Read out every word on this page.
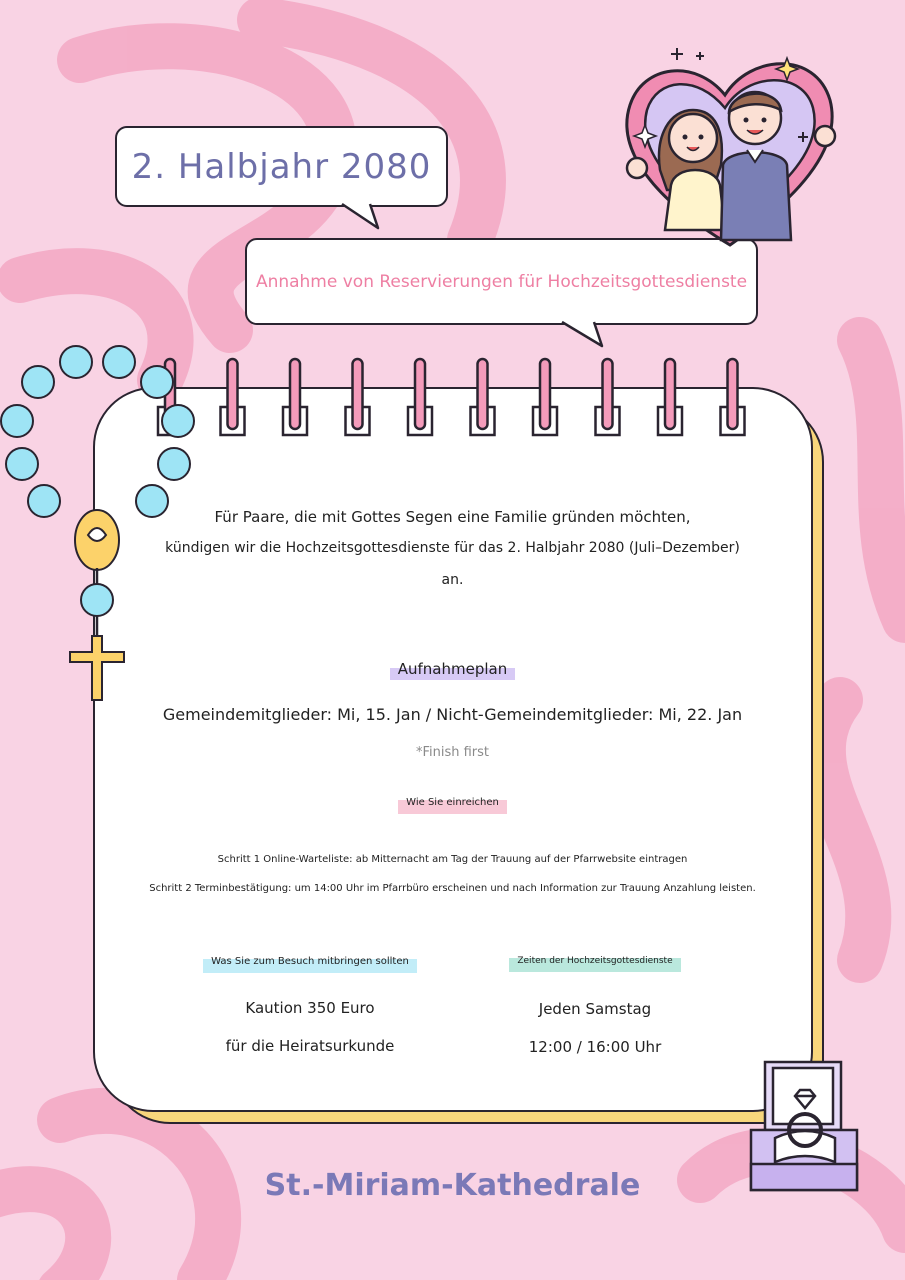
2. Halbjahr 2080
Annahme von Reservierungen für Hochzeitsgottesdienste
Für Paare, die mit Gottes Segen eine Familie gründen möchten,
kündigen wir die Hochzeitsgottesdienste für das 2. Halbjahr 2080 (Juli–Dezember)
an.
Aufnahmeplan
Gemeindemitglieder: Mi, 15. Jan / Nicht-Gemeindemitglieder: Mi, 22. Jan
*Finish first
Wie Sie einreichen
Schritt 1 Online-Warteliste: ab Mitternacht am Tag der Trauung auf der Pfarrwebsite eintragen
Schritt 2 Terminbestätigung: um 14:00 Uhr im Pfarrbüro erscheinen und nach Information zur Trauung Anzahlung leisten.
Was Sie zum Besuch mitbringen sollten
Kaution 350 Euro
für die Heiratsurkunde
Zeiten der Hochzeitsgottesdienste
Jeden Samstag
12:00 / 16:00 Uhr
St.-Miriam-Kathedrale
